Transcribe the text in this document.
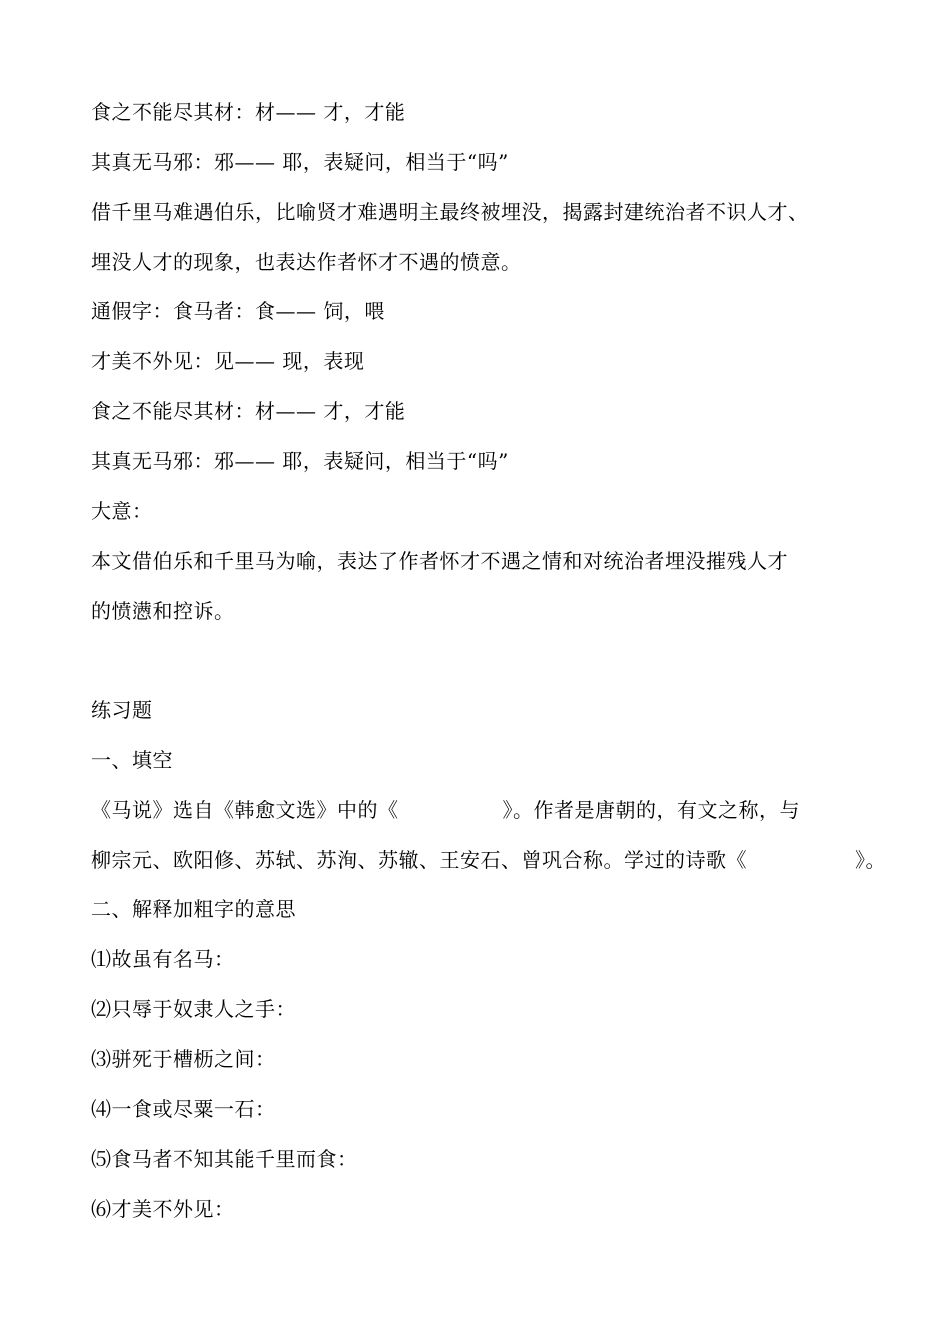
食之不能尽其材：材—— 才，才能
其真无马邪：邪—— 耶，表疑问，相当于“吗”
借千里马难遇伯乐，比喻贤才难遇明主最终被埋没，揭露封建统治者不识人才、
埋没人才的现象，也表达作者怀才不遇的愤意。
通假字：食马者：食—— 饲，喂
才美不外见：见—— 现，表现
食之不能尽其材：材—— 才，才能
其真无马邪：邪—— 耶，表疑问，相当于“吗”
大意：
本文借伯乐和千里马为喻，表达了作者怀才不遇之情和对统治者埋没摧残人才
的愤懑和控诉。
练习题
一、填空
《马说》选自《韩愈文选》中的《	》。作者是唐朝的，有文之称，与
柳宗元、欧阳修、苏轼、苏洵、苏辙、王安石、曾巩合称。学过的诗歌《	》。
二、解释加粗字的意思
⑴故虽有名马：
⑵只辱于奴隶人之手：
⑶骈死于槽枥之间：
⑷一食或尽粟一石：
⑸食马者不知其能千里而食：
⑹才美不外见：
